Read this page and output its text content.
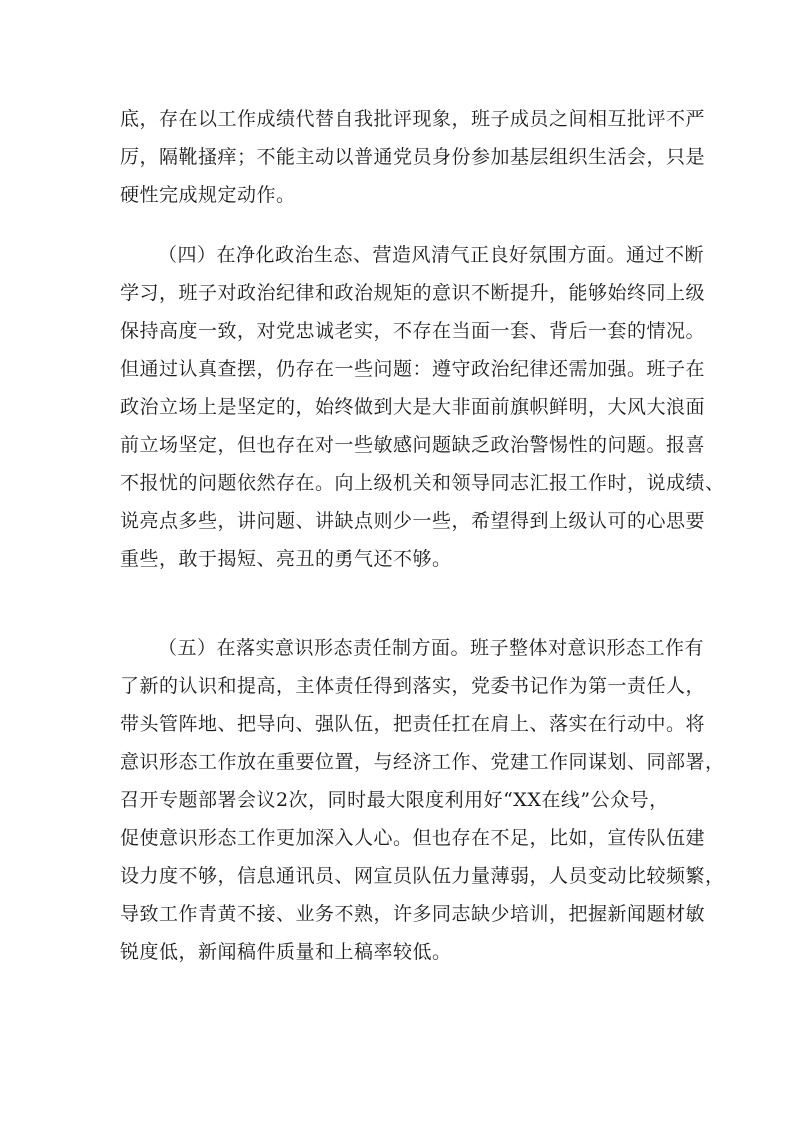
底，存在以工作成绩代替自我批评现象，班子成员之间相互批评不严
厉，隔靴搔痒；不能主动以普通党员身份参加基层组织生活会，只是
硬性完成规定动作。
（四）在净化政治生态、营造风清气正良好氛围方面。通过不断
学习，班子对政治纪律和政治规矩的意识不断提升，能够始终同上级
保持高度一致，对党忠诚老实，不存在当面一套、背后一套的情况。
但通过认真查摆，仍存在一些问题：遵守政治纪律还需加强。班子在
政治立场上是坚定的，始终做到大是大非面前旗帜鲜明，大风大浪面
前立场坚定，但也存在对一些敏感问题缺乏政治警惕性的问题。报喜
不报忧的问题依然存在。向上级机关和领导同志汇报工作时，说成绩、
说亮点多些，讲问题、讲缺点则少一些，希望得到上级认可的心思要
重些，敢于揭短、亮丑的勇气还不够。
（五）在落实意识形态责任制方面。班子整体对意识形态工作有
了新的认识和提高，主体责任得到落实，党委书记作为第一责任人，
带头管阵地、把导向、强队伍，把责任扛在肩上、落实在行动中。将
意识形态工作放在重要位置，与经济工作、党建工作同谋划、同部署，
召开专题部署会议2次，同时最大限度利用好“XX在线”公众号，
促使意识形态工作更加深入人心。但也存在不足，比如，宣传队伍建
设力度不够，信息通讯员、网宣员队伍力量薄弱，人员变动比较频繁，
导致工作青黄不接、业务不熟，许多同志缺少培训，把握新闻题材敏
锐度低，新闻稿件质量和上稿率较低。
